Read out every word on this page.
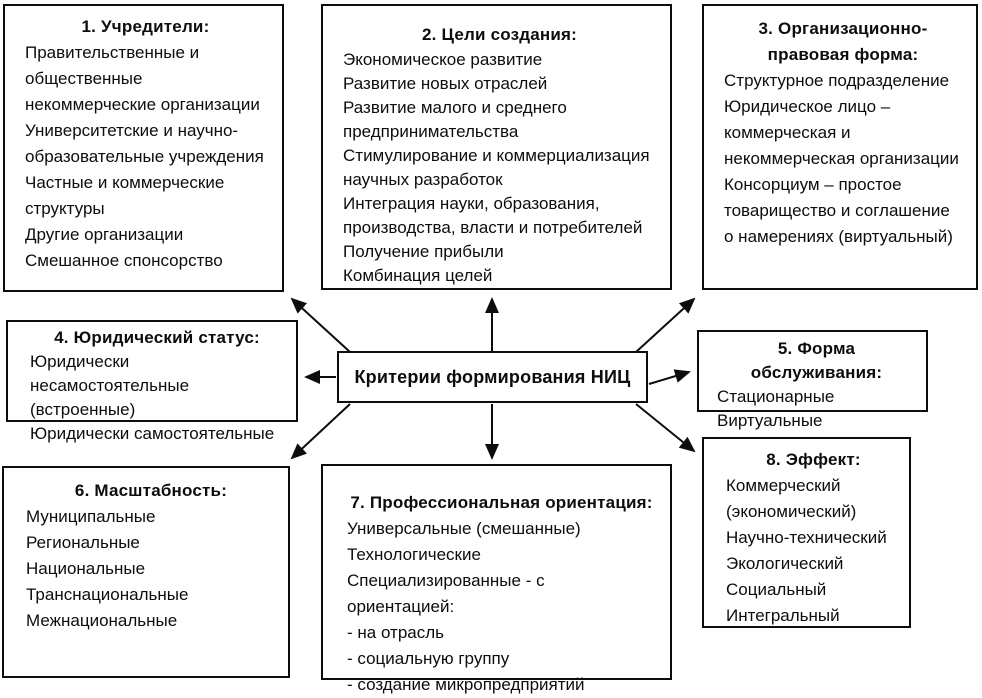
1. Учредители:
Правительственные и общественные некоммерческие организации
Университетские и научно-образовательные учреждения
Частные и коммерческие структуры
Другие организации
Смешанное спонсорство
2. Цели создания:
Экономическое развитие
Развитие новых отраслей
Развитие малого и среднего предпринимательства
Стимулирование и коммерциализация научных разработок
Интеграция науки, образования, производства, власти и потребителей
Получение прибыли
Комбинация целей
3. Организационно-правовая форма:
Структурное подразделение
Юридическое лицо – коммерческая и некоммерческая организации
Консорциум – простое товарищество и соглашение о намерениях (виртуальный)
4. Юридический статус:
Юридически несамостоятельные (встроенные)
Юридически самостоятельные
Критерии формирования НИЦ
5. Форма обслуживания:
Стационарные
Виртуальные
6. Масштабность:
Муниципальные
Региональные
Национальные
Транснациональные
Межнациональные
7. Профессиональная ориентация:
Универсальные (смешанные)
Технологические
Специализированные - с ориентацией:
- на отрасль
- социальную группу
- создание микропредприятий
8. Эффект:
Коммерческий (экономический)
Научно-технический
Экологический
Социальный
Интегральный
